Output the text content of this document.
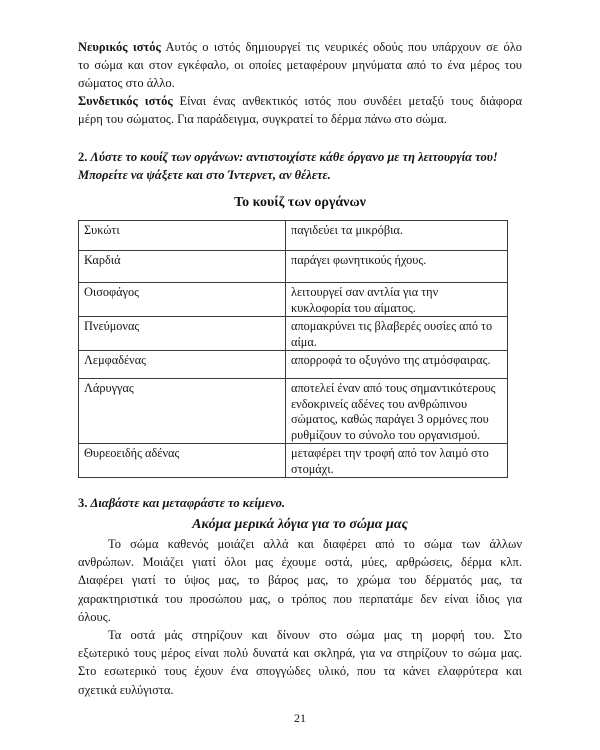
Νευρικός ιστός Αυτός ο ιστός δημιουργεί τις νευρικές οδούς που υπάρχουν σε όλο
το σώμα και στον εγκέφαλο, οι οποίες μεταφέρουν μηνύματα από το ένα μέρος του
σώματος στο άλλο.
Συνδετικός ιστός Είναι ένας ανθεκτικός ιστός που συνδέει μεταξύ τους διάφορα
μέρη του σώματος. Για παράδειγμα, συγκρατεί το δέρμα πάνω στο σώμα.
2. Λύστε το κουίζ των οργάνων: αντιστοιχίστε κάθε όργανο με τη λειτουργία του!
Μπορείτε να ψάξετε και στο Ίντερνετ, αν θέλετε.
Το κουίζ των οργάνων
Συκώτι	παγιδεύει τα μικρόβια.
Καρδιά	παράγει φωνητικούς ήχους.
Οισοφάγος	λειτουργεί σαν αντλία για την
κυκλοφορία του αίματος.
Πνεύμονας	απομακρύνει τις βλαβερές ουσίες από το
αίμα.
Λεμφαδένας	απορροφά το οξυγόνο της ατμόσφαιρας.
Λάρυγγας	αποτελεί έναν από τους σημαντικότερους
ενδοκρινείς αδένες του ανθρώπινου
σώματος, καθώς παράγει 3 ορμόνες που
ρυθμίζουν το σύνολο του οργανισμού.
Θυρεοειδής αδένας	μεταφέρει την τροφή από τον λαιμό στο
στομάχι.
3. Διαβάστε και μεταφράστε το κείμενο.
Ακόμα μερικά λόγια για το σώμα μας
Το σώμα καθενός μοιάζει αλλά και διαφέρει από το σώμα των άλλων
ανθρώπων. Μοιάζει γιατί όλοι μας έχουμε οστά, μύες, αρθρώσεις, δέρμα κλπ.
Διαφέρει γιατί το ύψος μας, το βάρος μας, το χρώμα του δέρματός μας, τα
χαρακτηριστικά του προσώπου μας, ο τρόπος που περπατάμε δεν είναι ίδιος για
όλους.
Τα οστά μάς στηρίζουν και δίνουν στο σώμα μας τη μορφή του. Στο
εξωτερικό τους μέρος είναι πολύ δυνατά και σκληρά, για να στηρίζουν το σώμα μας.
Στο εσωτερικό τους έχουν ένα σπογγώδες υλικό, που τα κάνει ελαφρύτερα και
σχετικά ευλύγιστα.
21
